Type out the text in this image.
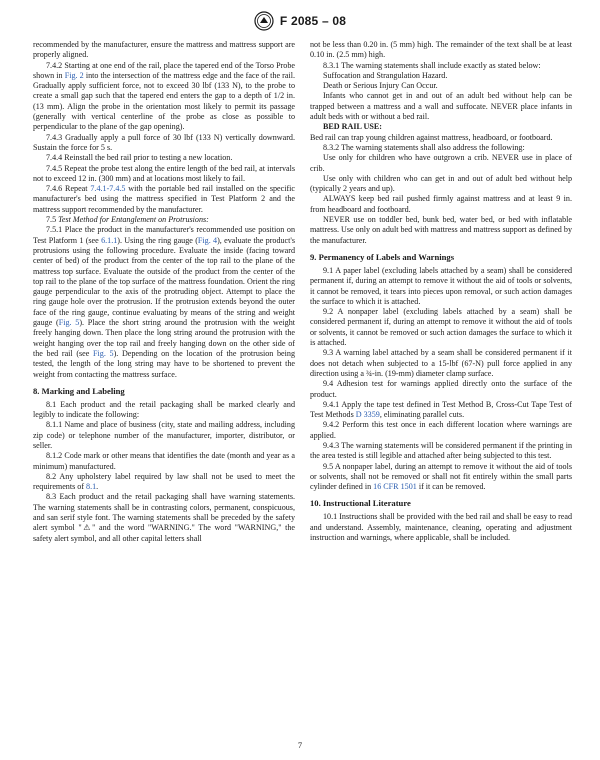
F 2085 – 08

recommended by the manufacturer, ensure the mattress and mattress support are properly aligned.

7.4.2 Starting at one end of the rail, place the tapered end of the Torso Probe shown in Fig. 2 into the intersection of the mattress edge and the face of the rail. Gradually apply sufficient force, not to exceed 30 lbf (133 N), to the probe to create a small gap such that the tapered end enters the gap to a depth of 1/2 in. (13 mm). Align the probe in the orientation most likely to permit its passage (generally with vertical centerline of the probe as close as possible to perpendicular to the plane of the gap opening).

7.4.3 Gradually apply a pull force of 30 lbf (133 N) vertically downward. Sustain the force for 5 s.

7.4.4 Reinstall the bed rail prior to testing a new location.

7.4.5 Repeat the probe test along the entire length of the bed rail, at intervals not to exceed 12 in. (300 mm) and at locations most likely to fail.

7.4.6 Repeat 7.4.1-7.4.5 with the portable bed rail installed on the specific manufacturer's bed using the mattress specified in Test Platform 2 and the mattress support recommended by the manufacturer.

7.5 Test Method for Entanglement on Protrusions:

7.5.1 Place the product in the manufacturer's recommended use position on Test Platform 1 (see 6.1.1). Using the ring gauge (Fig. 4), evaluate the product's protrusions using the following procedure. Evaluate the inside (facing toward center of bed) of the product from the center of the top rail to the plane of the mattress top surface. Evaluate the outside of the product from the center of the top rail to the plane of the top surface of the mattress foundation. Orient the ring gauge perpendicular to the axis of the protruding object. Attempt to place the ring gauge hole over the protrusion. If the protrusion extends beyond the outer face of the ring gauge, continue evaluating by means of the string and weight gauge (Fig. 5). Place the short string around the protrusion with the weight freely hanging down. Then place the long string around the protrusion with the weight hanging over the top rail and freely hanging down on the other side of the bed rail (see Fig. 5). Depending on the location of the protrusion being tested, the length of the long string may have to be shortened to prevent the weight from contacting the mattress surface.

8. Marking and Labeling

8.1 Each product and the retail packaging shall be marked clearly and legibly to indicate the following:

8.1.1 Name and place of business (city, state and mailing address, including zip code) or telephone number of the manufacturer, importer, distributor, or seller.

8.1.2 Code mark or other means that identifies the date (month and year as a minimum) manufactured.

8.2 Any upholstery label required by law shall not be used to meet the requirements of 8.1.

8.3 Each product and the retail packaging shall have warning statements. The warning statements shall be in contrasting colors, permanent, conspicuous, and san serif style font. The warning statements shall be preceded by the safety alert symbol "⚠" and the word "WARNING." The word "WARNING," the safety alert symbol, and all other capital letters shall

not be less than 0.20 in. (5 mm) high. The remainder of the text shall be at least 0.10 in. (2.5 mm) high.

8.3.1 The warning statements shall include exactly as stated below:

Suffocation and Strangulation Hazard.

Death or Serious Injury Can Occur.

Infants who cannot get in and out of an adult bed without help can be trapped between a mattress and a wall and suffocate. NEVER place infants in adult beds with or without a bed rail.

BED RAIL USE:

Bed rail can trap young children against mattress, headboard, or footboard.

8.3.2 The warning statements shall also address the following:

Use only for children who have outgrown a crib. NEVER use in place of crib.

Use only with children who can get in and out of adult bed without help (typically 2 years and up).

ALWAYS keep bed rail pushed firmly against mattress and at least 9 in. from headboard and footboard.

NEVER use on toddler bed, bunk bed, water bed, or bed with inflatable mattress. Use only on adult bed with mattress and mattress support as defined by the manufacturer.

9. Permanency of Labels and Warnings

9.1 A paper label (excluding labels attached by a seam) shall be considered permanent if, during an attempt to remove it without the aid of tools or solvents, it cannot be removed, it tears into pieces upon removal, or such action damages the surface to which it is attached.

9.2 A nonpaper label (excluding labels attached by a seam) shall be considered permanent if, during an attempt to remove it without the aid of tools or solvents, it cannot be removed or such action damages the surface to which it is attached.

9.3 A warning label attached by a seam shall be considered permanent if it does not detach when subjected to a 15-lbf (67-N) pull force applied in any direction using a ¾-in. (19-mm) diameter clamp surface.

9.4 Adhesion test for warnings applied directly onto the surface of the product.

9.4.1 Apply the tape test defined in Test Method B, Cross-Cut Tape Test of Test Methods D 3359, eliminating parallel cuts.

9.4.2 Perform this test once in each different location where warnings are applied.

9.4.3 The warning statements will be considered permanent if the printing in the area tested is still legible and attached after being subjected to this test.

9.5 A nonpaper label, during an attempt to remove it without the aid of tools or solvents, shall not be removed or shall not fit entirely within the small parts cylinder defined in 16 CFR 1501 if it can be removed.

10. Instructional Literature

10.1 Instructions shall be provided with the bed rail and shall be easy to read and understand. Assembly, maintenance, cleaning, operating and adjustment instruction and warnings, where applicable, shall be included.

7
